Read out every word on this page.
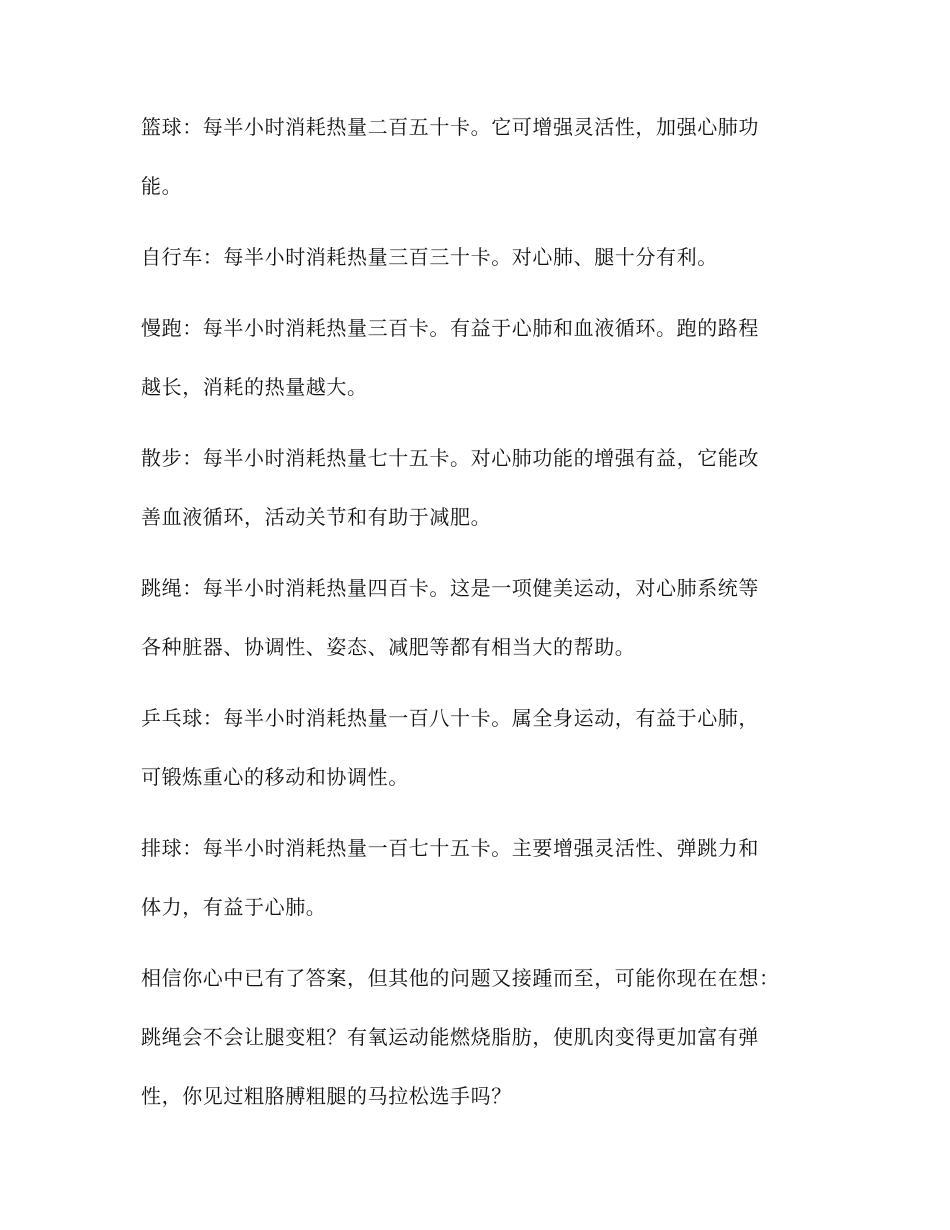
篮球：每半小时消耗热量二百五十卡。它可增强灵活性，加强心肺功
能。

自行车：每半小时消耗热量三百三十卡。对心肺、腿十分有利。

慢跑：每半小时消耗热量三百卡。有益于心肺和血液循环。跑的路程
越长，消耗的热量越大。

散步：每半小时消耗热量七十五卡。对心肺功能的增强有益，它能改
善血液循环，活动关节和有助于减肥。

跳绳：每半小时消耗热量四百卡。这是一项健美运动，对心肺系统等
各种脏器、协调性、姿态、减肥等都有相当大的帮助。

乒乓球：每半小时消耗热量一百八十卡。属全身运动，有益于心肺，
可锻炼重心的移动和协调性。

排球：每半小时消耗热量一百七十五卡。主要增强灵活性、弹跳力和
体力，有益于心肺。

相信你心中已有了答案，但其他的问题又接踵而至，可能你现在在想：
跳绳会不会让腿变粗？有氧运动能燃烧脂肪，使肌肉变得更加富有弹
性，你见过粗胳膊粗腿的马拉松选手吗？
